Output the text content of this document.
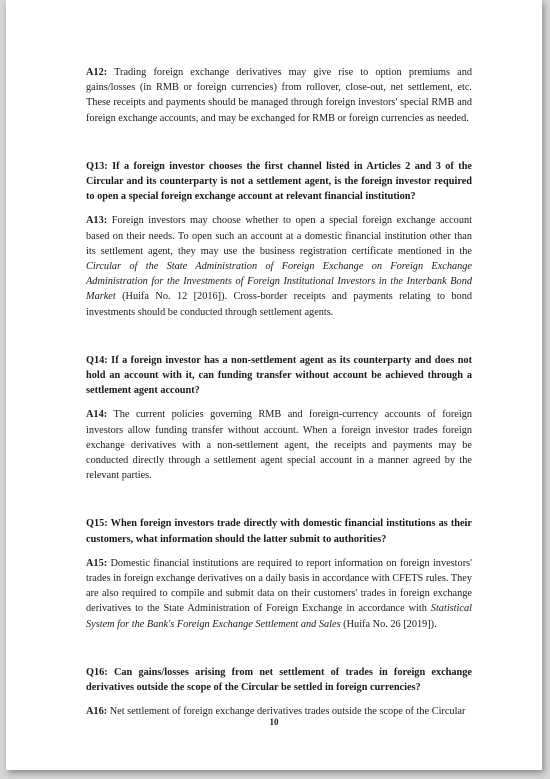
A12: Trading foreign exchange derivatives may give rise to option premiums and gains/losses (in RMB or foreign currencies) from rollover, close-out, net settlement, etc. These receipts and payments should be managed through foreign investors' special RMB and foreign exchange accounts, and may be exchanged for RMB or foreign currencies as needed.

Q13: If a foreign investor chooses the first channel listed in Articles 2 and 3 of the Circular and its counterparty is not a settlement agent, is the foreign investor required to open a special foreign exchange account at relevant financial institution?

A13: Foreign investors may choose whether to open a special foreign exchange account based on their needs. To open such an account at a domestic financial institution other than its settlement agent, they may use the business registration certificate mentioned in the Circular of the State Administration of Foreign Exchange on Foreign Exchange Administration for the Investments of Foreign Institutional Investors in the Interbank Bond Market (Huifa No. 12 [2016]). Cross-border receipts and payments relating to bond investments should be conducted through settlement agents.

Q14: If a foreign investor has a non-settlement agent as its counterparty and does not hold an account with it, can funding transfer without account be achieved through a settlement agent account?

A14: The current policies governing RMB and foreign-currency accounts of foreign investors allow funding transfer without account. When a foreign investor trades foreign exchange derivatives with a non-settlement agent, the receipts and payments may be conducted directly through a settlement agent special account in a manner agreed by the relevant parties.

Q15: When foreign investors trade directly with domestic financial institutions as their customers, what information should the latter submit to authorities?

A15: Domestic financial institutions are required to report information on foreign investors' trades in foreign exchange derivatives on a daily basis in accordance with CFETS rules. They are also required to compile and submit data on their customers' trades in foreign exchange derivatives to the State Administration of Foreign Exchange in accordance with Statistical System for the Bank's Foreign Exchange Settlement and Sales (Huifa No. 26 [2019]).

Q16: Can gains/losses arising from net settlement of trades in foreign exchange derivatives outside the scope of the Circular be settled in foreign currencies?

A16: Net settlement of foreign exchange derivatives trades outside the scope of the Circular

10
